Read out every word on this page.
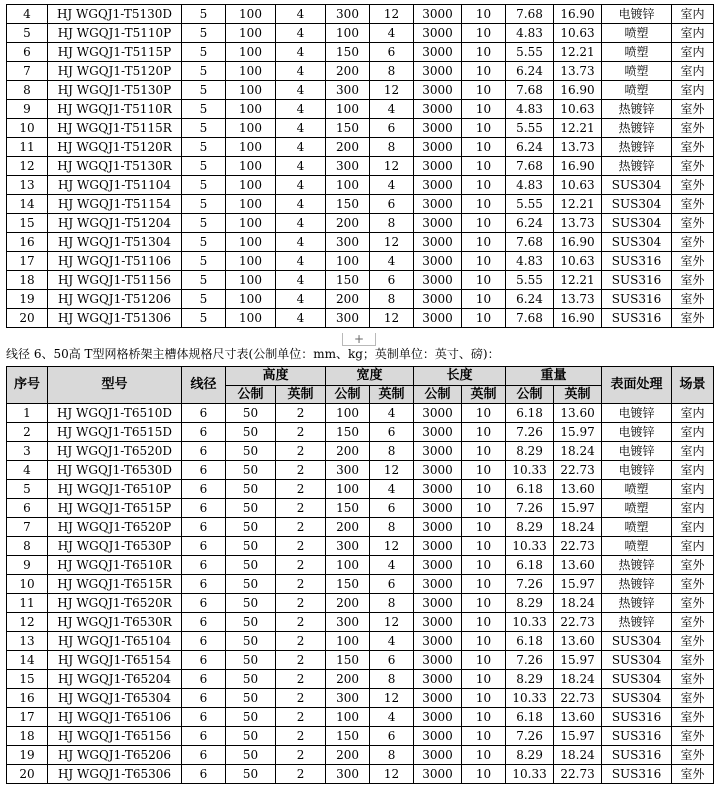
4	HJ WGQJ1-T5130D	5	100	4	300	12	3000	10	7.68	16.90	电镀锌	室内
5	HJ WGQJ1-T5110P	5	100	4	100	4	3000	10	4.83	10.63	喷塑	室内
6	HJ WGQJ1-T5115P	5	100	4	150	6	3000	10	5.55	12.21	喷塑	室内
7	HJ WGQJ1-T5120P	5	100	4	200	8	3000	10	6.24	13.73	喷塑	室内
8	HJ WGQJ1-T5130P	5	100	4	300	12	3000	10	7.68	16.90	喷塑	室内
9	HJ WGQJ1-T5110R	5	100	4	100	4	3000	10	4.83	10.63	热镀锌	室外
10	HJ WGQJ1-T5115R	5	100	4	150	6	3000	10	5.55	12.21	热镀锌	室外
11	HJ WGQJ1-T5120R	5	100	4	200	8	3000	10	6.24	13.73	热镀锌	室外
12	HJ WGQJ1-T5130R	5	100	4	300	12	3000	10	7.68	16.90	热镀锌	室外
13	HJ WGQJ1-T51104	5	100	4	100	4	3000	10	4.83	10.63	SUS304	室外
14	HJ WGQJ1-T51154	5	100	4	150	6	3000	10	5.55	12.21	SUS304	室外
15	HJ WGQJ1-T51204	5	100	4	200	8	3000	10	6.24	13.73	SUS304	室外
16	HJ WGQJ1-T51304	5	100	4	300	12	3000	10	7.68	16.90	SUS304	室外
17	HJ WGQJ1-T51106	5	100	4	100	4	3000	10	4.83	10.63	SUS316	室外
18	HJ WGQJ1-T51156	5	100	4	150	6	3000	10	5.55	12.21	SUS316	室外
19	HJ WGQJ1-T51206	5	100	4	200	8	3000	10	6.24	13.73	SUS316	室外
20	HJ WGQJ1-T51306	5	100	4	300	12	3000	10	7.68	16.90	SUS316	室外
+
线径 6、50高 T型网格桥架主槽体规格尺寸表(公制单位：mm、kg；英制单位：英寸、磅)：
序号	型号	线径	高度		宽度		长度		重量		表面处理	场景
			公制	英制	公制	英制	公制	英制	公制	英制		
1	HJ WGQJ1-T6510D	6	50	2	100	4	3000	10	6.18	13.60	电镀锌	室内
2	HJ WGQJ1-T6515D	6	50	2	150	6	3000	10	7.26	15.97	电镀锌	室内
3	HJ WGQJ1-T6520D	6	50	2	200	8	3000	10	8.29	18.24	电镀锌	室内
4	HJ WGQJ1-T6530D	6	50	2	300	12	3000	10	10.33	22.73	电镀锌	室内
5	HJ WGQJ1-T6510P	6	50	2	100	4	3000	10	6.18	13.60	喷塑	室内
6	HJ WGQJ1-T6515P	6	50	2	150	6	3000	10	7.26	15.97	喷塑	室内
7	HJ WGQJ1-T6520P	6	50	2	200	8	3000	10	8.29	18.24	喷塑	室内
8	HJ WGQJ1-T6530P	6	50	2	300	12	3000	10	10.33	22.73	喷塑	室内
9	HJ WGQJ1-T6510R	6	50	2	100	4	3000	10	6.18	13.60	热镀锌	室外
10	HJ WGQJ1-T6515R	6	50	2	150	6	3000	10	7.26	15.97	热镀锌	室外
11	HJ WGQJ1-T6520R	6	50	2	200	8	3000	10	8.29	18.24	热镀锌	室外
12	HJ WGQJ1-T6530R	6	50	2	300	12	3000	10	10.33	22.73	热镀锌	室外
13	HJ WGQJ1-T65104	6	50	2	100	4	3000	10	6.18	13.60	SUS304	室外
14	HJ WGQJ1-T65154	6	50	2	150	6	3000	10	7.26	15.97	SUS304	室外
15	HJ WGQJ1-T65204	6	50	2	200	8	3000	10	8.29	18.24	SUS304	室外
16	HJ WGQJ1-T65304	6	50	2	300	12	3000	10	10.33	22.73	SUS304	室外
17	HJ WGQJ1-T65106	6	50	2	100	4	3000	10	6.18	13.60	SUS316	室外
18	HJ WGQJ1-T65156	6	50	2	150	6	3000	10	7.26	15.97	SUS316	室外
19	HJ WGQJ1-T65206	6	50	2	200	8	3000	10	8.29	18.24	SUS316	室外
20	HJ WGQJ1-T65306	6	50	2	300	12	3000	10	10.33	22.73	SUS316	室外
